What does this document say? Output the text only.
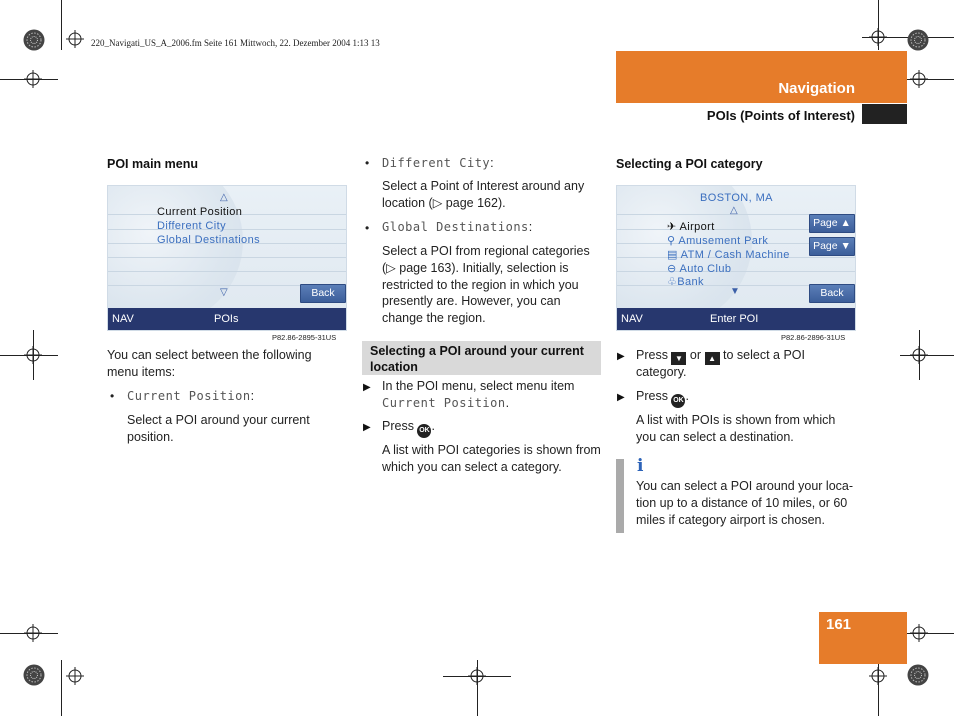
220_Navigati_US_A_2006.fm Seite 161 Mittwoch, 22. Dezember 2004 1:13 13
Navigation
POIs (Points of Interest)
POI main menu
△
Current Position
Different City
Global Destinations
▽	Back
NAV	POIs
P82.86-2895-31US
You can select between the following
menu items:
• Current Position:
Select a POI around your current
position.
• Different City:
Select a Point of Interest around any
location (▷ page 162).
• Global Destinations:
Select a POI from regional categories
(▷ page 163). Initially, selection is
restricted to the region in which you
presently are. However, you can
change the region.
Selecting a POI around your current
location
▶ In the POI menu, select menu item
Current Position.
▶ Press OK .
A list with POI categories is shown from
which you can select a category.
Selecting a POI category
BOSTON, MA
△
✈ Airport
⚲ Amusement Park
▤ ATM / Cash Machine
⊖ Auto Club
♧Bank
▼
Page ▲
Page ▼
Back
NAV	Enter POI
P82.86-2896-31US
▶ Press ▼ or ▲ to select a POI
category.
▶ Press OK .
A list with POIs is shown from which
you can select a destination.
i
You can select a POI around your loca-
tion up to a distance of 10 miles, or 60
miles if category airport is chosen.
161
